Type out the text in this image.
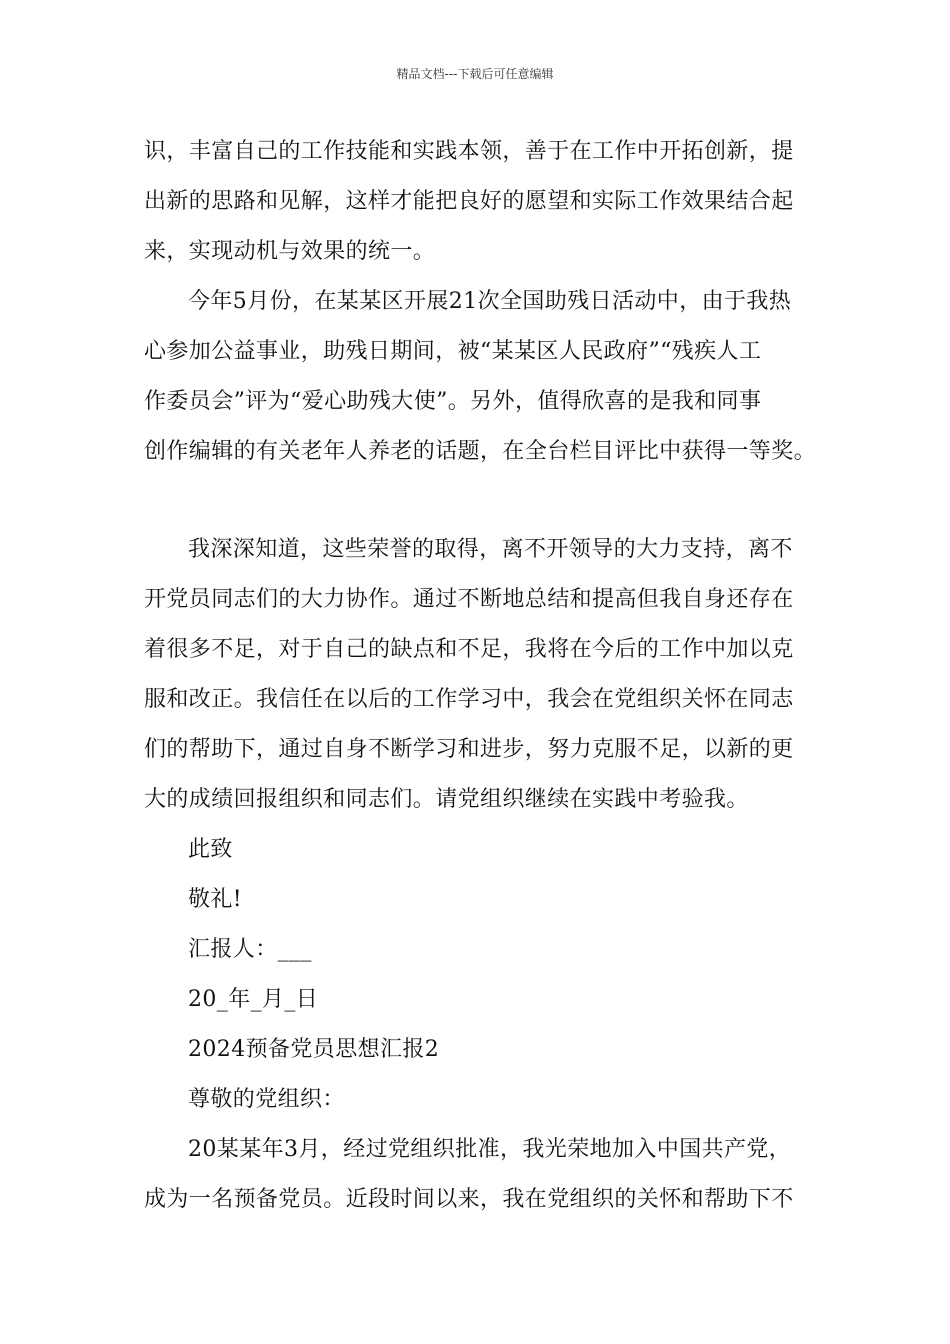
精品文档---下载后可任意编辑
识，丰富自己的工作技能和实践本领，善于在工作中开拓创新，提
出新的思路和见解，这样才能把良好的愿望和实际工作效果结合起
来，实现动机与效果的统一。
今年5月份，在某某区开展21次全国助残日活动中，由于我热
心参加公益事业，助残日期间，被“某某区人民政府”“残疾人工
作委员会”评为“爱心助残大使”。另外，值得欣喜的是我和同事
创作编辑的有关老年人养老的话题，在全台栏目评比中获得一等奖。
我深深知道，这些荣誉的取得，离不开领导的大力支持，离不
开党员同志们的大力协作。通过不断地总结和提高但我自身还存在
着很多不足，对于自己的缺点和不足，我将在今后的工作中加以克
服和改正。我信任在以后的工作学习中，我会在党组织关怀在同志
们的帮助下，通过自身不断学习和进步，努力克服不足，以新的更
大的成绩回报组织和同志们。请党组织继续在实践中考验我。
此致
敬礼!
汇报人：___
20_年_月_日
2024预备党员思想汇报2
尊敬的党组织：
20某某年3月，经过党组织批准，我光荣地加入中国共产党，
成为一名预备党员。近段时间以来，我在党组织的关怀和帮助下不
